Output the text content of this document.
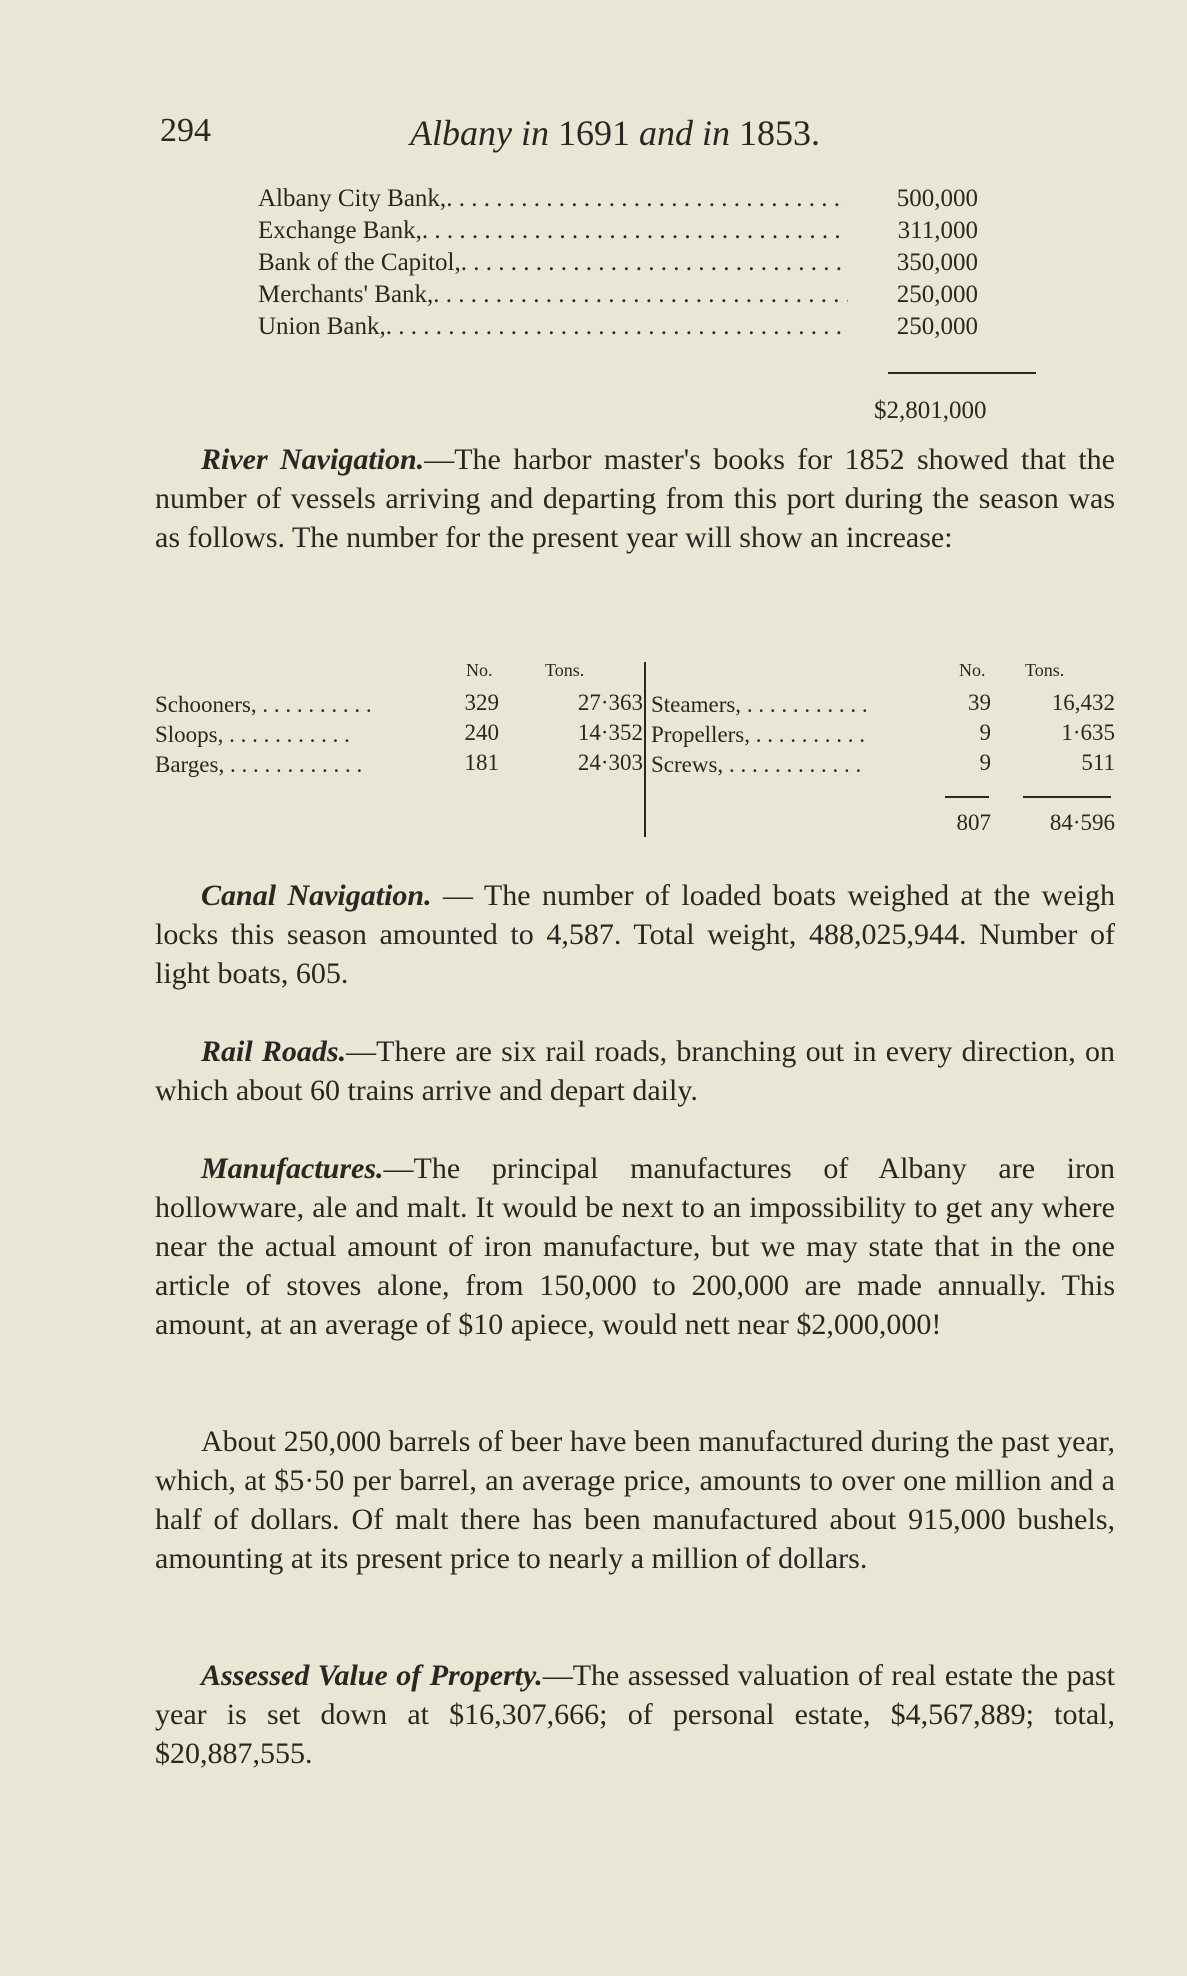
294	Albany in 1691 and in 1853.
Albany City Bank, . . .	500,000
Exchange Bank, . . .	311,000
Bank of the Capitol, . . .	350,000
Merchants' Bank, . . .	250,000
Union Bank, . . .	250,000
$2,801,000
River Navigation.—The harbor master's books for 1852 showed that the number of vessels arriving and departing from this port during the season was as follows. The number for the present year will show an increase:
No.	Tons.	No. Tons.
Schooners, . . . . . . . . . .	329	27·363
Sloops, . . . . . . . . . . .	240	14·352
Barges, . . . . . . . . . . . .	181	24·303
Steamers, . . . . . . . . . . .	39	16,432
Propellers, . . . . . . . . . .	9	1·635
Screws, . . . . . . . . . . . .	9	511
807	84·596
Canal Navigation. — The number of loaded boats weighed at the weigh locks this season amounted to 4,587. Total weight, 488,025,944. Number of light boats, 605.
Rail Roads.—There are six rail roads, branching out in every direction, on which about 60 trains arrive and depart daily.
Manufactures.—The principal manufactures of Albany are iron hollowware, ale and malt. It would be next to an impossibility to get any where near the actual amount of iron manufacture, but we may state that in the one article of stoves alone, from 150,000 to 200,000 are made annually. This amount, at an average of $10 apiece, would nett near $2,000,000!
About 250,000 barrels of beer have been manufactured during the past year, which, at $5·50 per barrel, an average price, amounts to over one million and a half of dollars. Of malt there has been manufactured about 915,000 bushels, amounting at its present price to nearly a million of dollars.
Assessed Value of Property.—The assessed valuation of real estate the past year is set down at $16,307,666; of personal estate, $4,567,889; total, $20,887,555.
